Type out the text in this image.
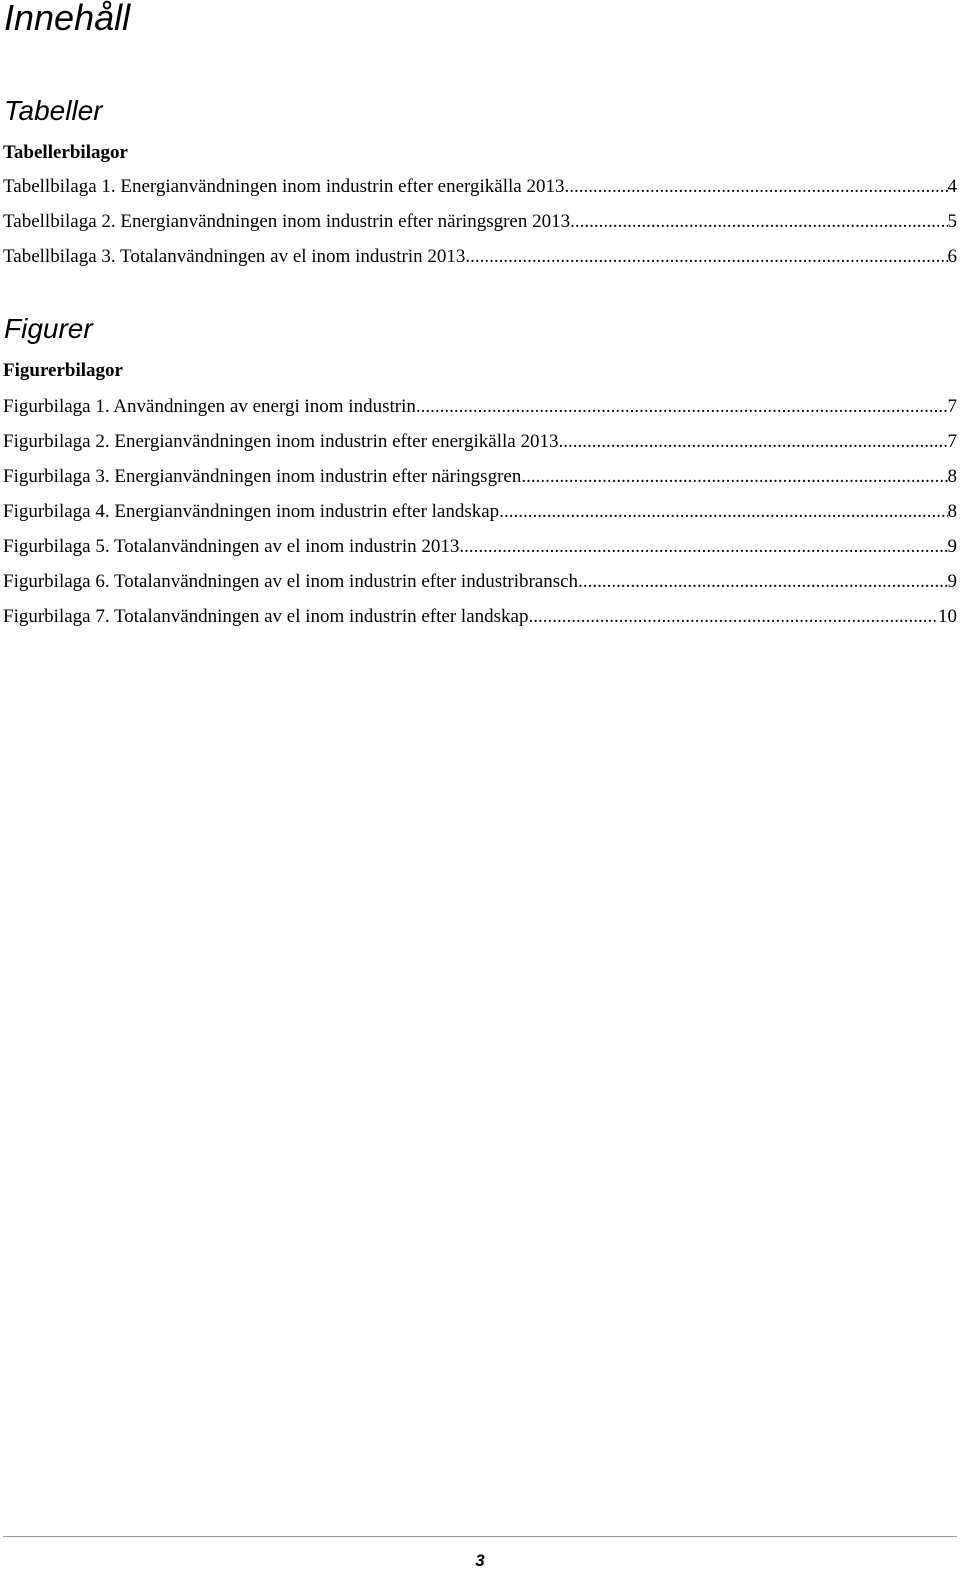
Innehåll
Tabeller
Tabellerbilagor
Tabellbilaga 1. Energianvändningen inom industrin efter energikälla 2013 .....	4
Tabellbilaga 2. Energianvändningen inom industrin efter näringsgren 2013 .....	5
Tabellbilaga 3. Totalanvändningen av el inom industrin 2013 .....	6
Figurer
Figurerbilagor
Figurbilaga 1. Användningen av energi inom industrin .....	7
Figurbilaga 2. Energianvändningen inom industrin efter energikälla 2013 .....	7
Figurbilaga 3. Energianvändningen inom industrin efter näringsgren .....	8
Figurbilaga 4. Energianvändningen inom industrin efter landskap .....	8
Figurbilaga 5. Totalanvändningen av el inom industrin 2013 .....	9
Figurbilaga 6. Totalanvändningen av el inom industrin efter industribransch .....	9
Figurbilaga 7. Totalanvändningen av el inom industrin efter landskap .....	10
3
